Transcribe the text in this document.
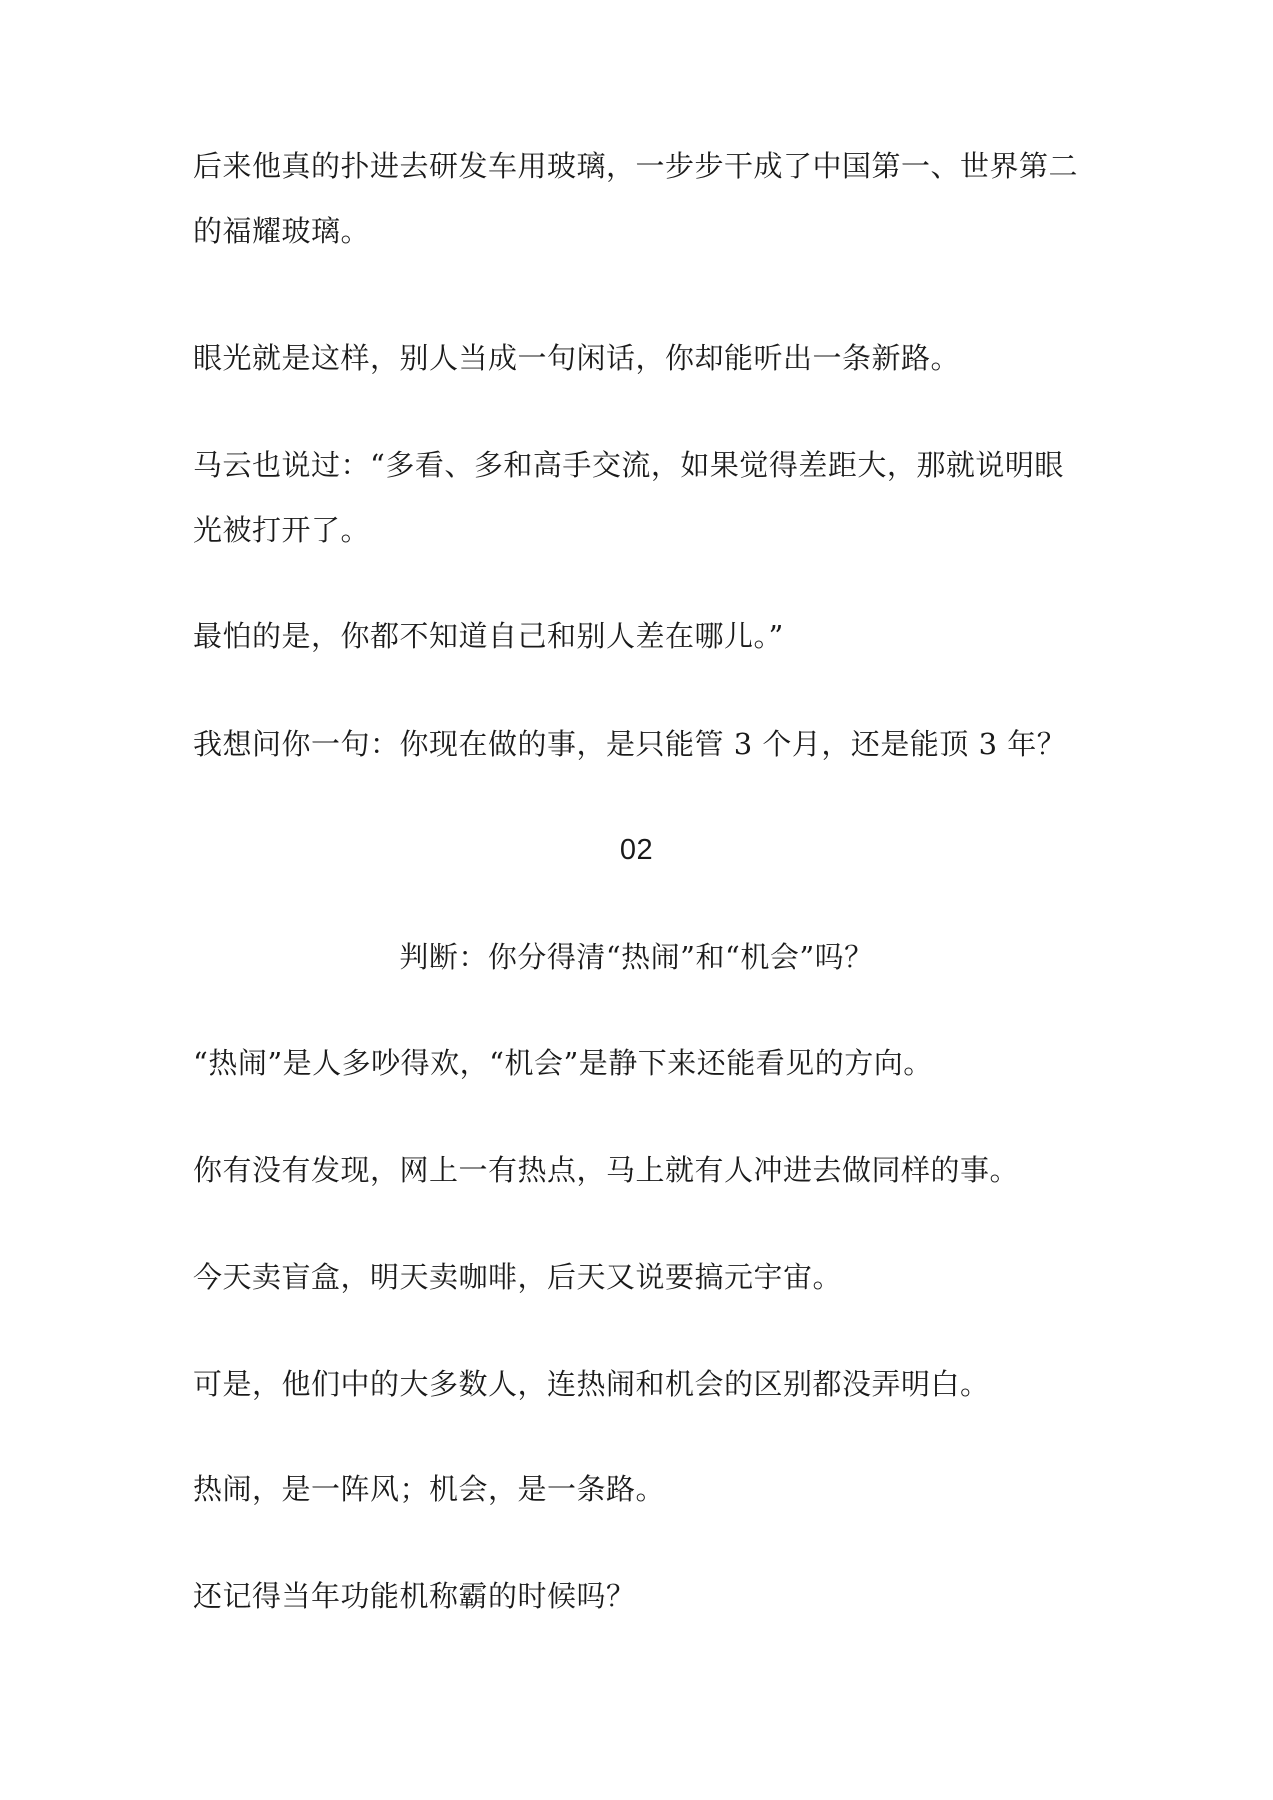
后来他真的扑进去研发车用玻璃，一步步干成了中国第一、世界第二
的福耀玻璃。
眼光就是这样，别人当成一句闲话，你却能听出一条新路。
马云也说过：“多看、多和高手交流，如果觉得差距大，那就说明眼
光被打开了。
最怕的是，你都不知道自己和别人差在哪儿。”
我想问你一句：你现在做的事，是只能管 3 个月，还是能顶 3 年？
02
判断：你分得清“热闹”和“机会”吗？
“热闹”是人多吵得欢，“机会”是静下来还能看见的方向。
你有没有发现，网上一有热点，马上就有人冲进去做同样的事。
今天卖盲盒，明天卖咖啡，后天又说要搞元宇宙。
可是，他们中的大多数人，连热闹和机会的区别都没弄明白。
热闹，是一阵风；机会，是一条路。
还记得当年功能机称霸的时候吗？
